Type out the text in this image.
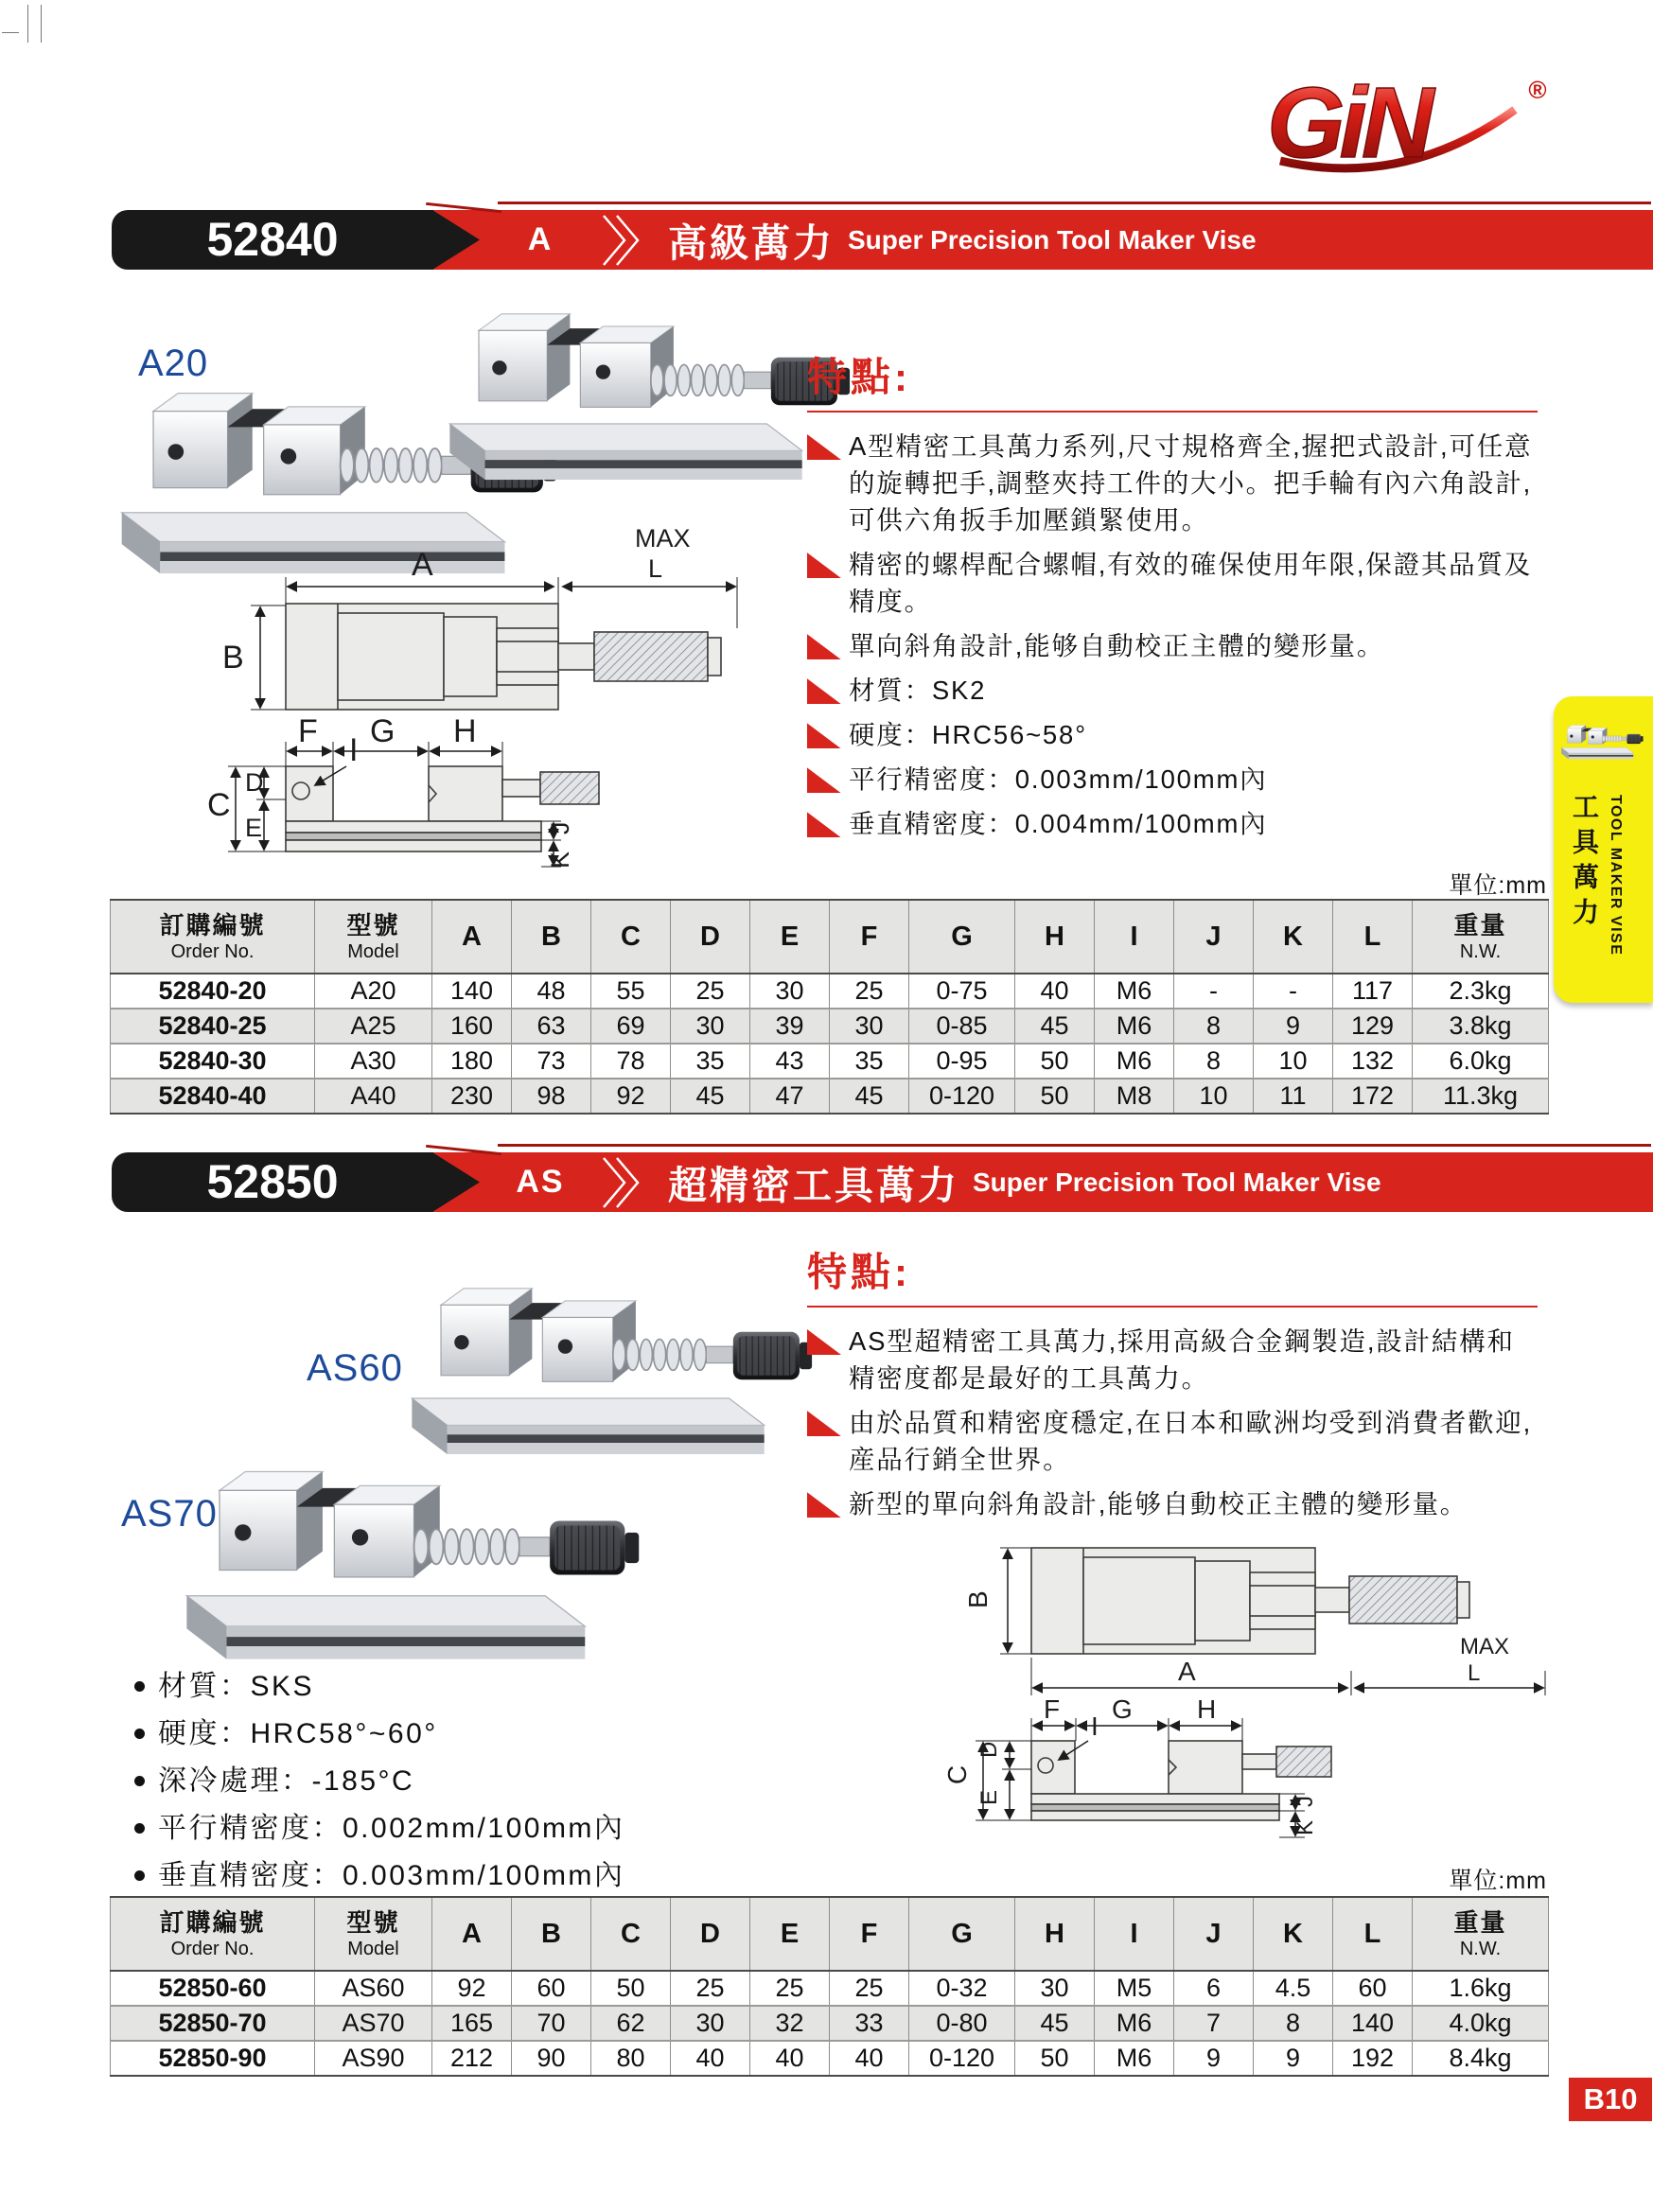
GiN	®
52840	A	高級萬力 Super Precision Tool Maker Vise
A20	特點:
A型精密工具萬力系列,尺寸規格齊全,握把式設計,可任意的旋轉把手,調整夾持工件的大小。把手輪有內六角設計,可供六角扳手加壓鎖緊使用。
精密的螺桿配合螺帽,有效的確保使用年限,保證其品質及精度。
單向斜角設計,能够自動校正主體的變形量。
材質：SK2
硬度：HRC56~58°
平行精密度：0.003mm/100mm內
垂直精密度：0.004mm/100mm內
A
MAX
L
B
F G H
I
C
D
E	J
K
單位:mm
訂購編號
Order No.

型號
Model
	A	B	C	D	E	F	G	H	I	J	K	L	重量
N.W.

52840-20	A20	140	48	55	25	30	25	0-75	40	M6	-	-	117	2.3kg
52840-25	A25	160	63	69	30	39	30	0-85	45	M6	8	9	129	3.8kg
52840-30	A30	180	73	78	35	43	35	0-95	50	M6	8	10	132	6.0kg
52840-40	A40	230	98	92	45	47	45	0-120	50	M8	10	11	172	11.3kg
52850	AS	超精密工具萬力 Super Precision Tool Maker Vise
AS60
AS70
特點:
AS型超精密工具萬力,採用高級合金鋼製造,設計結構和精密度都是最好的工具萬力。
由於品質和精密度穩定,在日本和歐洲均受到消費者歡迎,産品行銷全世界。
新型的單向斜角設計,能够自動校正主體的變形量。
材質：SKS
硬度：HRC58°~60°
深冷處理：-185°C
平行精密度：0.002mm/100mm內
垂直精密度：0.003mm/100mm內
B
A
MAX
L
F G H
I
C
D
E	J
K
單位:mm
訂購編號
Order No.

型號
Model
	A	B	C	D	E	F	G	H	I	J	K	L	重量
N.W.

52850-60	AS60	92	60	50	25	25	25	0-32	30	M5	6	4.5	60	1.6kg
52850-70	AS70	165	70	62	30	32	33	0-80	45	M6	7	8	140	4.0kg
52850-90	AS90	212	90	80	40	40	40	0-120	50	M6	9	9	192	8.4kg
B10
工具萬力 TOOL MAKER VISE
